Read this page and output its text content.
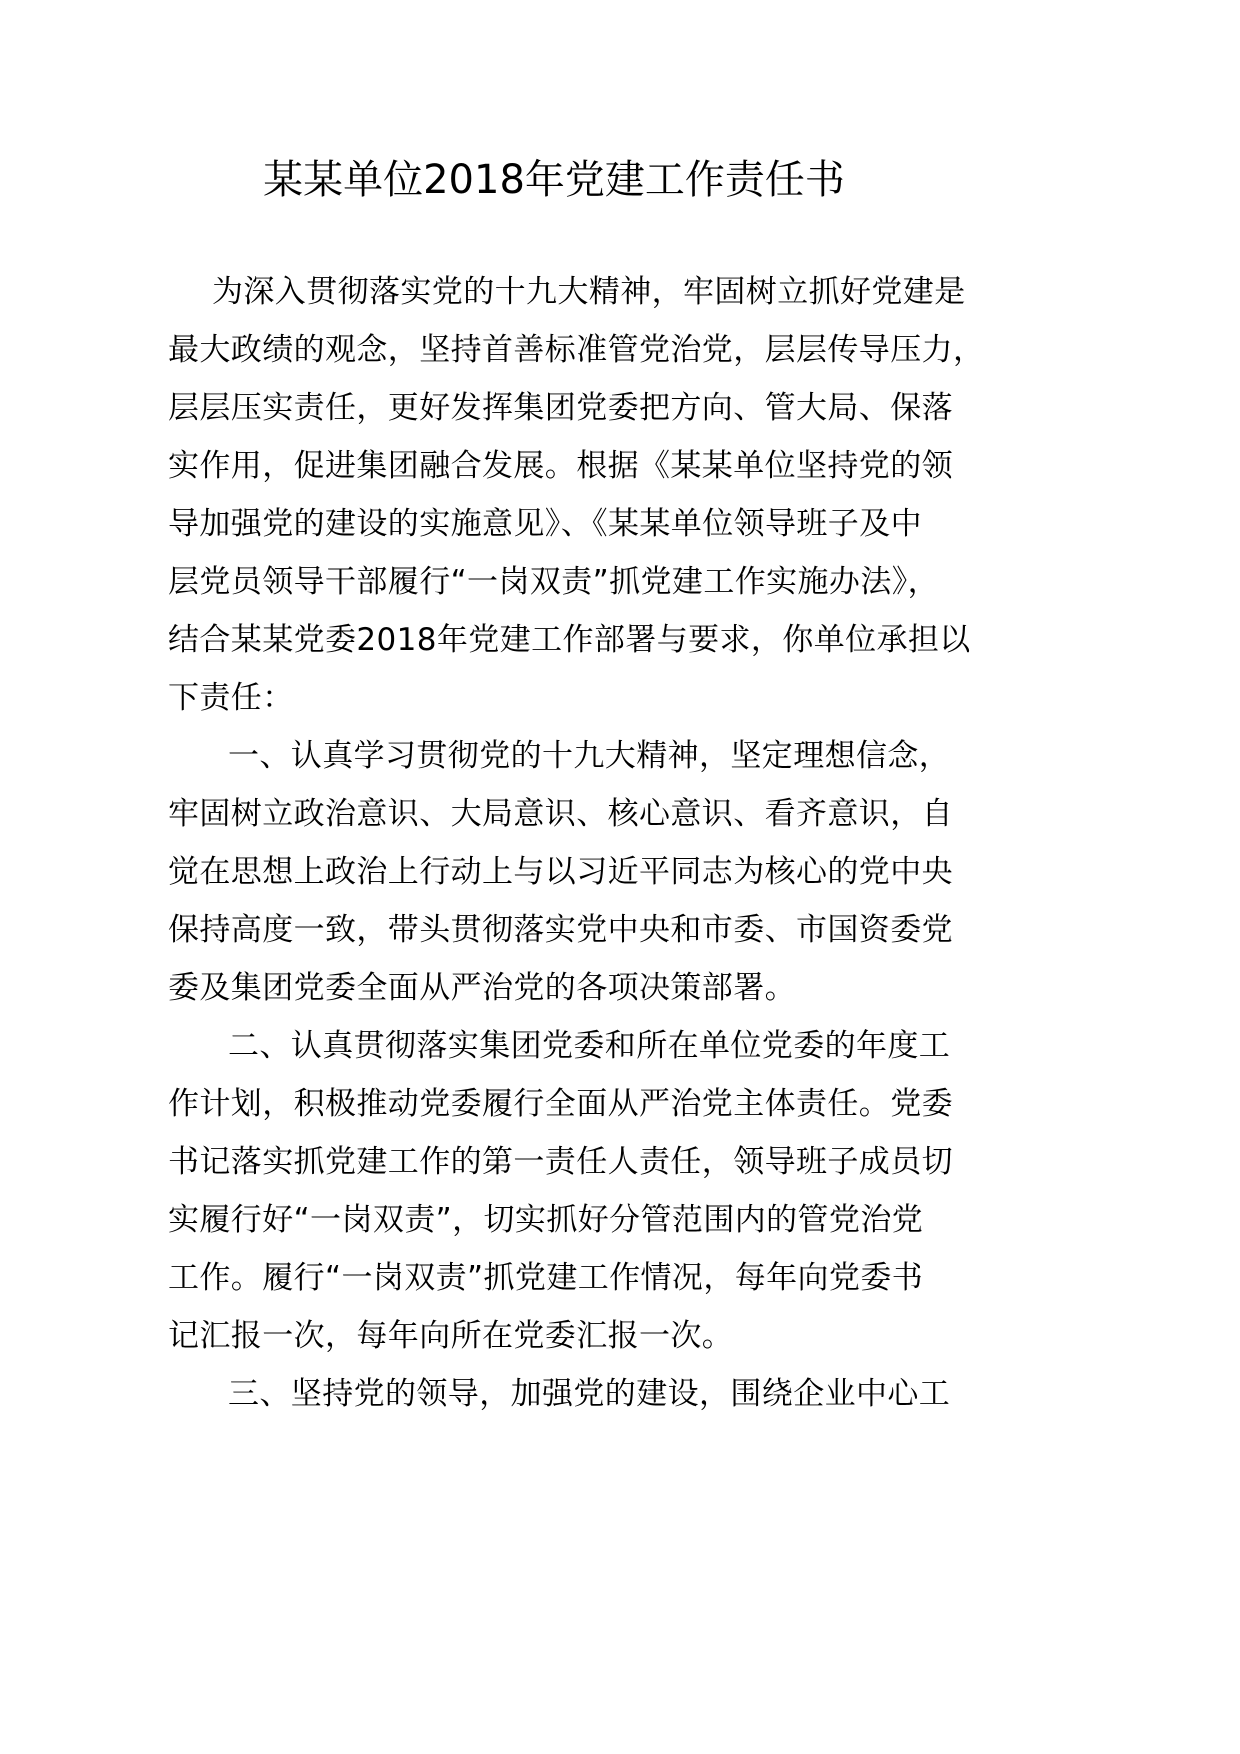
某某单位2018年党建工作责任书
为深入贯彻落实党的十九大精神，牢固树立抓好党建是
最大政绩的观念，坚持首善标准管党治党，层层传导压力，
层层压实责任，更好发挥集团党委把方向、管大局、保落
实作用，促进集团融合发展。根据《某某单位坚持党的领
导加强党的建设的实施意见》、《某某单位领导班子及中
层党员领导干部履行“一岗双责”抓党建工作实施办法》，
结合某某党委2018年党建工作部署与要求，你单位承担以
下责任：
一、认真学习贯彻党的十九大精神，坚定理想信念，
牢固树立政治意识、大局意识、核心意识、看齐意识，自
觉在思想上政治上行动上与以习近平同志为核心的党中央
保持高度一致，带头贯彻落实党中央和市委、市国资委党
委及集团党委全面从严治党的各项决策部署。
二、认真贯彻落实集团党委和所在单位党委的年度工
作计划，积极推动党委履行全面从严治党主体责任。党委
书记落实抓党建工作的第一责任人责任，领导班子成员切
实履行好“一岗双责”，切实抓好分管范围内的管党治党
工作。履行“一岗双责”抓党建工作情况，每年向党委书
记汇报一次，每年向所在党委汇报一次。
三、坚持党的领导，加强党的建设，围绕企业中心工
